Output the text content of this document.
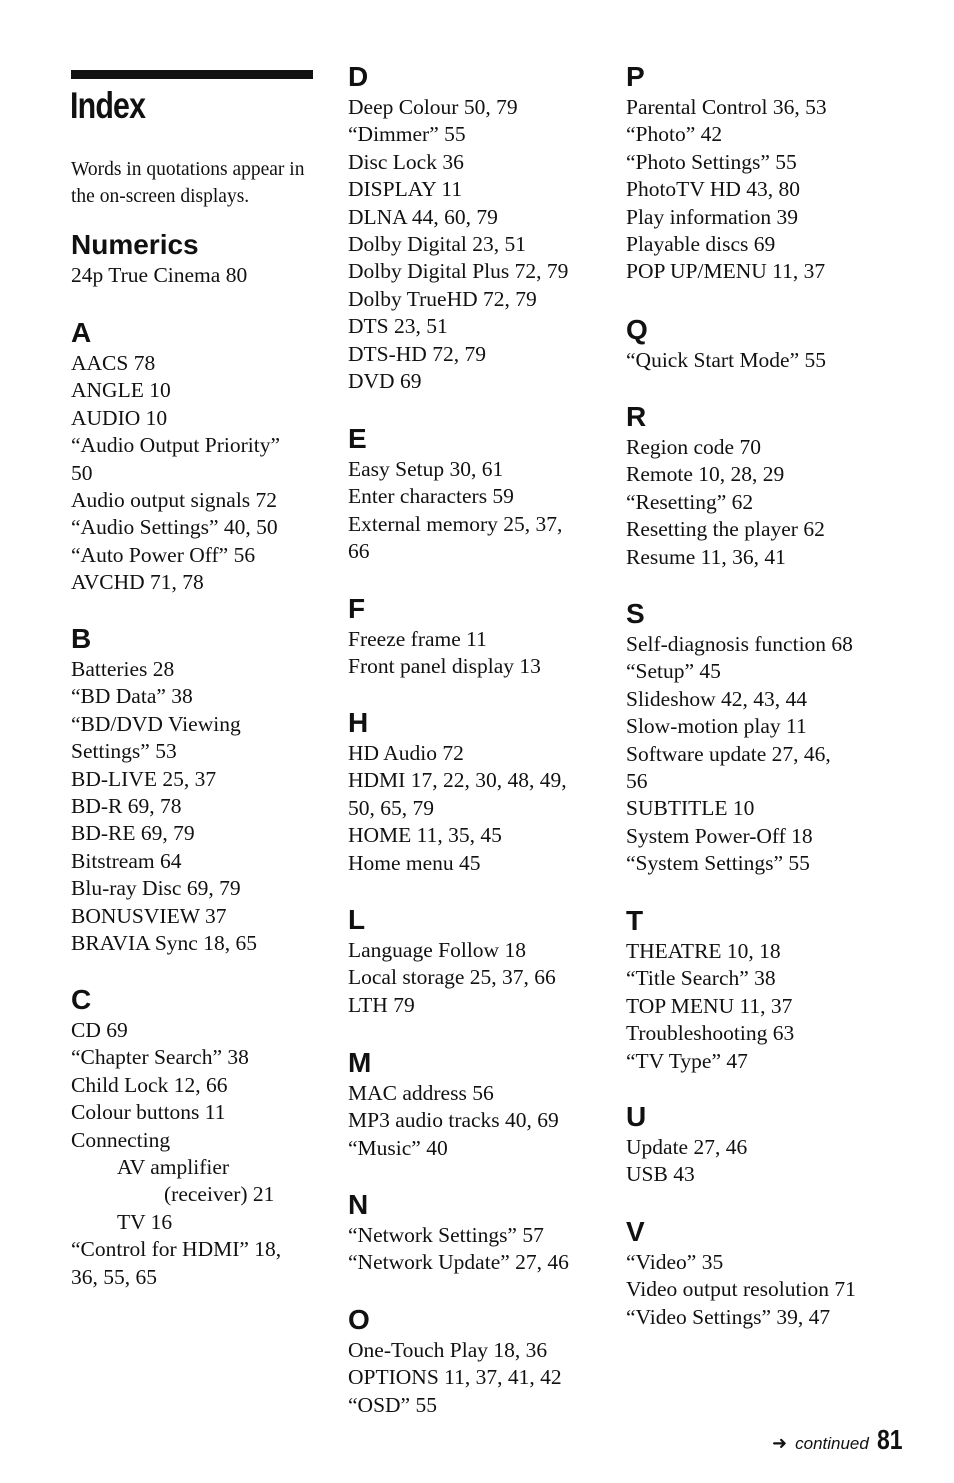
Index
Words in quotations appear in the on-screen displays.
Numerics
24p True Cinema 80
A
AACS 78
ANGLE 10
AUDIO 10
“Audio Output Priority”
50
Audio output signals 72
“Audio Settings” 40, 50
“Auto Power Off” 56
AVCHD 71, 78
B
Batteries 28
“BD Data” 38
“BD/DVD Viewing
Settings” 53
BD-LIVE 25, 37
BD-R 69, 78
BD-RE 69, 79
Bitstream 64
Blu-ray Disc 69, 79
BONUSVIEW 37
BRAVIA Sync 18, 65
C
CD 69
“Chapter Search” 38
Child Lock 12, 66
Colour buttons 11
Connecting
AV amplifier
(receiver) 21
TV 16
“Control for HDMI” 18,
36, 55, 65
D
Deep Colour 50, 79
“Dimmer” 55
Disc Lock 36
DISPLAY 11
DLNA 44, 60, 79
Dolby Digital 23, 51
Dolby Digital Plus 72, 79
Dolby TrueHD 72, 79
DTS 23, 51
DTS-HD 72, 79
DVD 69
E
Easy Setup 30, 61
Enter characters 59
External memory 25, 37,
66
F
Freeze frame 11
Front panel display 13
H
HD Audio 72
HDMI 17, 22, 30, 48, 49,
50, 65, 79
HOME 11, 35, 45
Home menu 45
L
Language Follow 18
Local storage 25, 37, 66
LTH 79
M
MAC address 56
MP3 audio tracks 40, 69
“Music” 40
N
“Network Settings” 57
“Network Update” 27, 46
O
One-Touch Play 18, 36
OPTIONS 11, 37, 41, 42
“OSD” 55
P
Parental Control 36, 53
“Photo” 42
“Photo Settings” 55
PhotoTV HD 43, 80
Play information 39
Playable discs 69
POP UP/MENU 11, 37
Q
“Quick Start Mode” 55
R
Region code 70
Remote 10, 28, 29
“Resetting” 62
Resetting the player 62
Resume 11, 36, 41
S
Self-diagnosis function 68
“Setup” 45
Slideshow 42, 43, 44
Slow-motion play 11
Software update 27, 46,
56
SUBTITLE 10
System Power-Off 18
“System Settings” 55
T
THEATRE 10, 18
“Title Search” 38
TOP MENU 11, 37
Troubleshooting 63
“TV Type” 47
U
Update 27, 46
USB 43
V
“Video” 35
Video output resolution 71
“Video Settings” 39, 47
➜ continued 81
